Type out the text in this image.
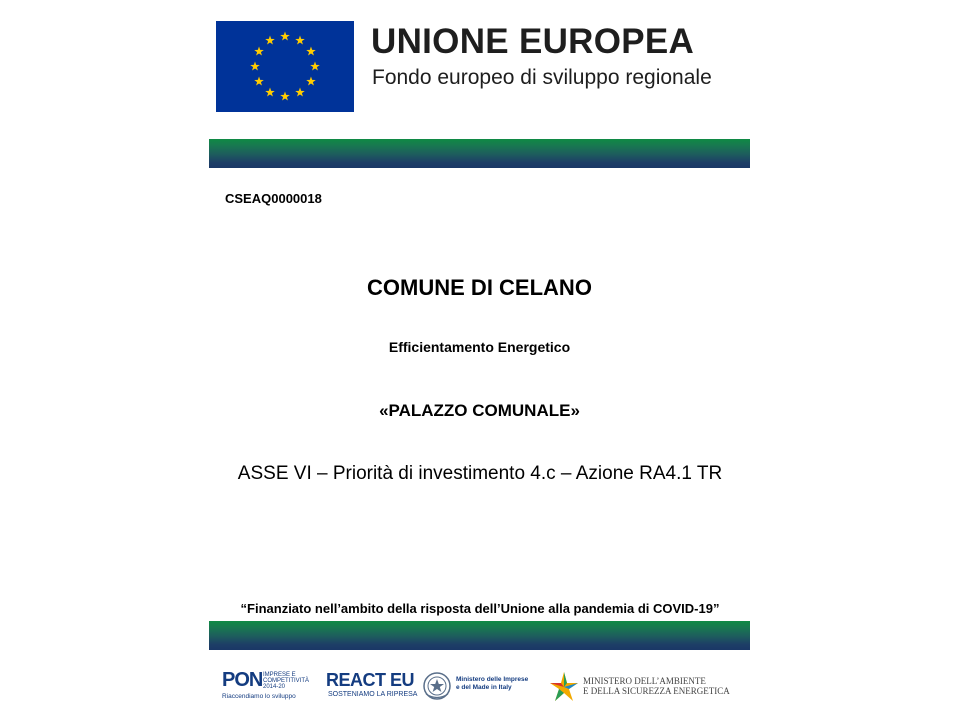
UNIONE EUROPEA
Fondo europeo di sviluppo regionale
CSEAQ0000018
COMUNE DI CELANO
Efficientamento Energetico
«PALAZZO COMUNALE»
ASSE VI – Priorità di investimento 4.c – Azione RA4.1 TR
“Finanziato nell’ambito della risposta dell’Unione alla pandemia di COVID-19”
PON IMPRESE E
COMPETITIVITÀ
2014-20
Riaccendiamo lo sviluppo
REACT EU
SOSTENIAMO LA RIPRESA
Ministero delle Imprese
e del Made in Italy
MINISTERO DELL’AMBIENTE
E DELLA SICUREZZA ENERGETICA
